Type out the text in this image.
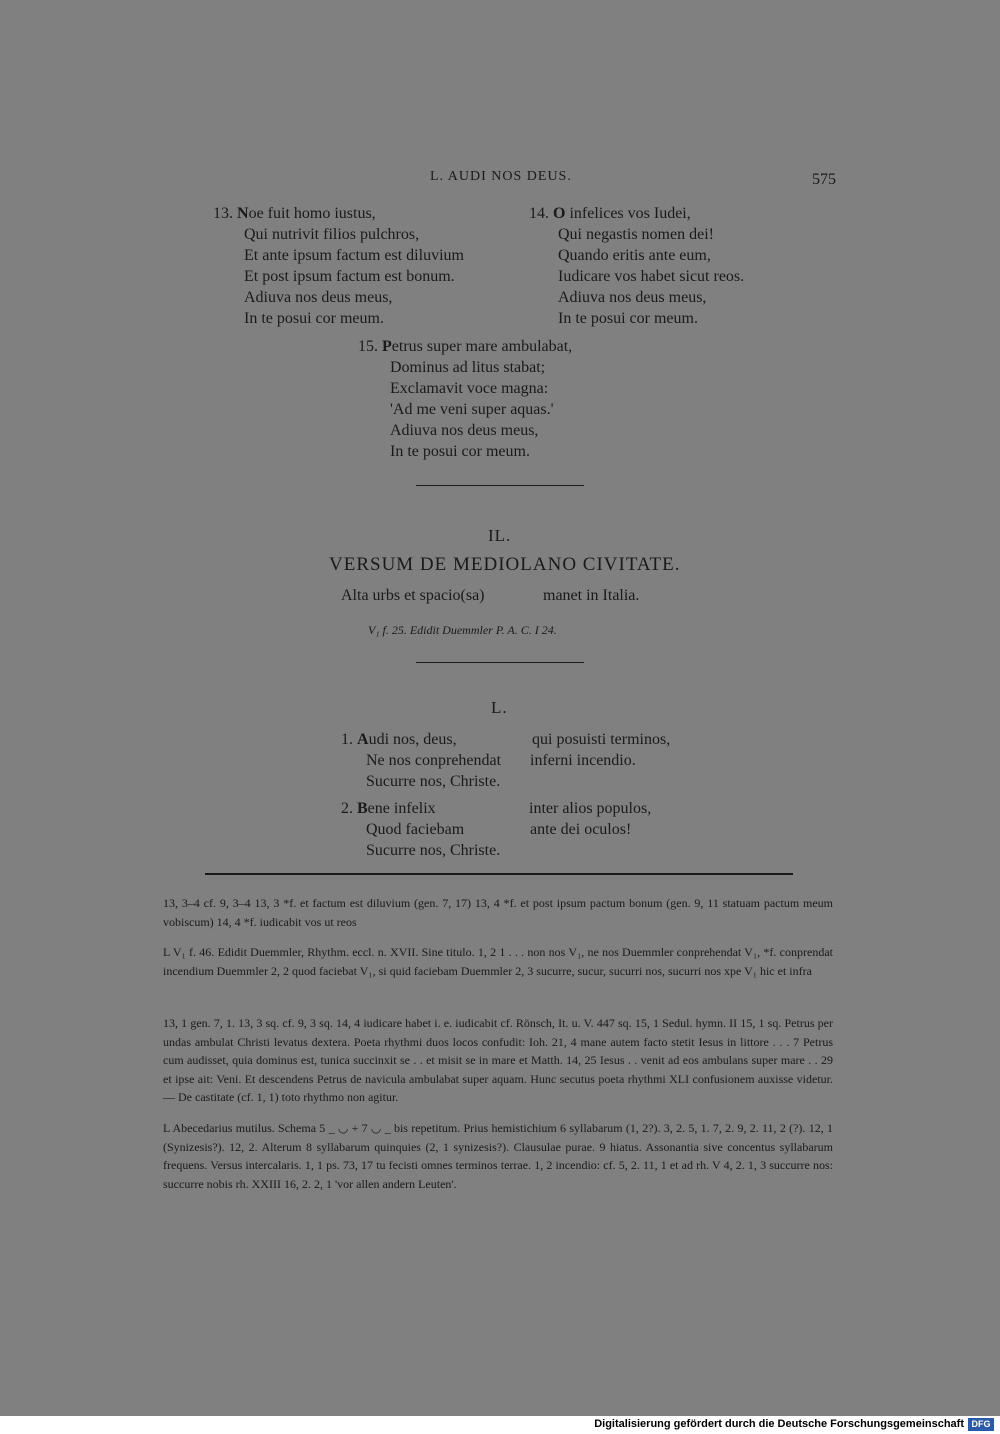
L. AUDI NOS DEUS.	575
13. Noe fuit homo iustus,
Qui nutrivit filios pulchros,
Et ante ipsum factum est diluvium
Et post ipsum factum est bonum.
Adiuva nos deus meus,
In te posui cor meum.
14. O infelices vos Iudei,
Qui negastis nomen dei!
Quando eritis ante eum,
Iudicare vos habet sicut reos.
Adiuva nos deus meus,
In te posui cor meum.
15. Petrus super mare ambulabat,
Dominus ad litus stabat;
Exclamavit voce magna:
'Ad me veni super aquas.'
Adiuva nos deus meus,
In te posui cor meum.
IL.
VERSUM DE MEDIOLANO CIVITATE.
Alta urbs et spacio(sa)	manet in Italia.
V₁ f. 25. Edidit Duemmler P. A. C. I 24.
L.
1. Audi nos, deus,
Ne nos conprehendat
Sucurre nos, Christe.
qui posuisti terminos,
inferni incendio.
2. Bene infelix
Quod faciebam
Sucurre nos, Christe.
inter alios populos,
ante dei oculos!

13, 3–4 cf. 9, 3–4 13, 3 *f. et factum est diluvium (gen. 7, 17) 13, 4 *f. et post ipsum pactum bonum (gen. 9, 11 statuam pactum meum vobiscum) 14, 4 *f. iudicabit vos ut reos

L V₁ f. 46. Edidit Duemmler, Rhythm. eccl. n. XVII. Sine titulo. 1, 2 1 . . . non nos V₁, ne nos Duemmler conprehendat V₁, *f. conprendat incendium Duemmler 2, 2 quod faciebat V₁, si quid faciebam Duemmler 2, 3 sucurre, sucur, sucurri nos, sucurri nos xpe V₁ hic et infra

13, 1 gen. 7, 1. 13, 3 sq. cf. 9, 3 sq. 14, 4 iudicare habet i. e. iudicabit cf. Rönsch, It. u. V. 447 sq. 15, 1 Sedul. hymn. II 15, 1 sq. Petrus per undas ambulat Christi levatus dextera. Poeta rhythmi duos locos confudit: Ioh. 21, 4 mane autem facto stetit Iesus in littore . . . 7 Petrus cum audisset, quia dominus est, tunica succinxit se . . et misit se in mare et Matth. 14, 25 Iesus . . venit ad eos ambulans super mare . . 29 et ipse ait: Veni. Et descendens Petrus de navicula ambulabat super aquam. Hunc secutus poeta rhythmi XLI confusionem auxisse videtur. — De castitate (cf. 1, 1) toto rhythmo non agitur.

L Abecedarius mutilus. Schema 5 _ ◡ + 7 ◡ _ bis repetitum. Prius hemistichium 6 syllabarum (1, 2?). 3, 2. 5, 1. 7, 2. 9, 2. 11, 2 (?). 12, 1 (Synizesis?). 12, 2. Alterum 8 syllabarum quinquies (2, 1 synizesis?). Clausulae purae. 9 hiatus. Assonantia sive concentus syllabarum frequens. Versus intercalaris. 1, 1 ps. 73, 17 tu fecisti omnes terminos terrae. 1, 2 incendio: cf. 5, 2. 11, 1 et ad rh. V 4, 2. 1, 3 succurre nos: succurre nobis rh. XXIII 16, 2. 2, 1 'vor allen andern Leuten'.

Digitalisierung gefördert durch die Deutsche Forschungsgemeinschaft DFG
